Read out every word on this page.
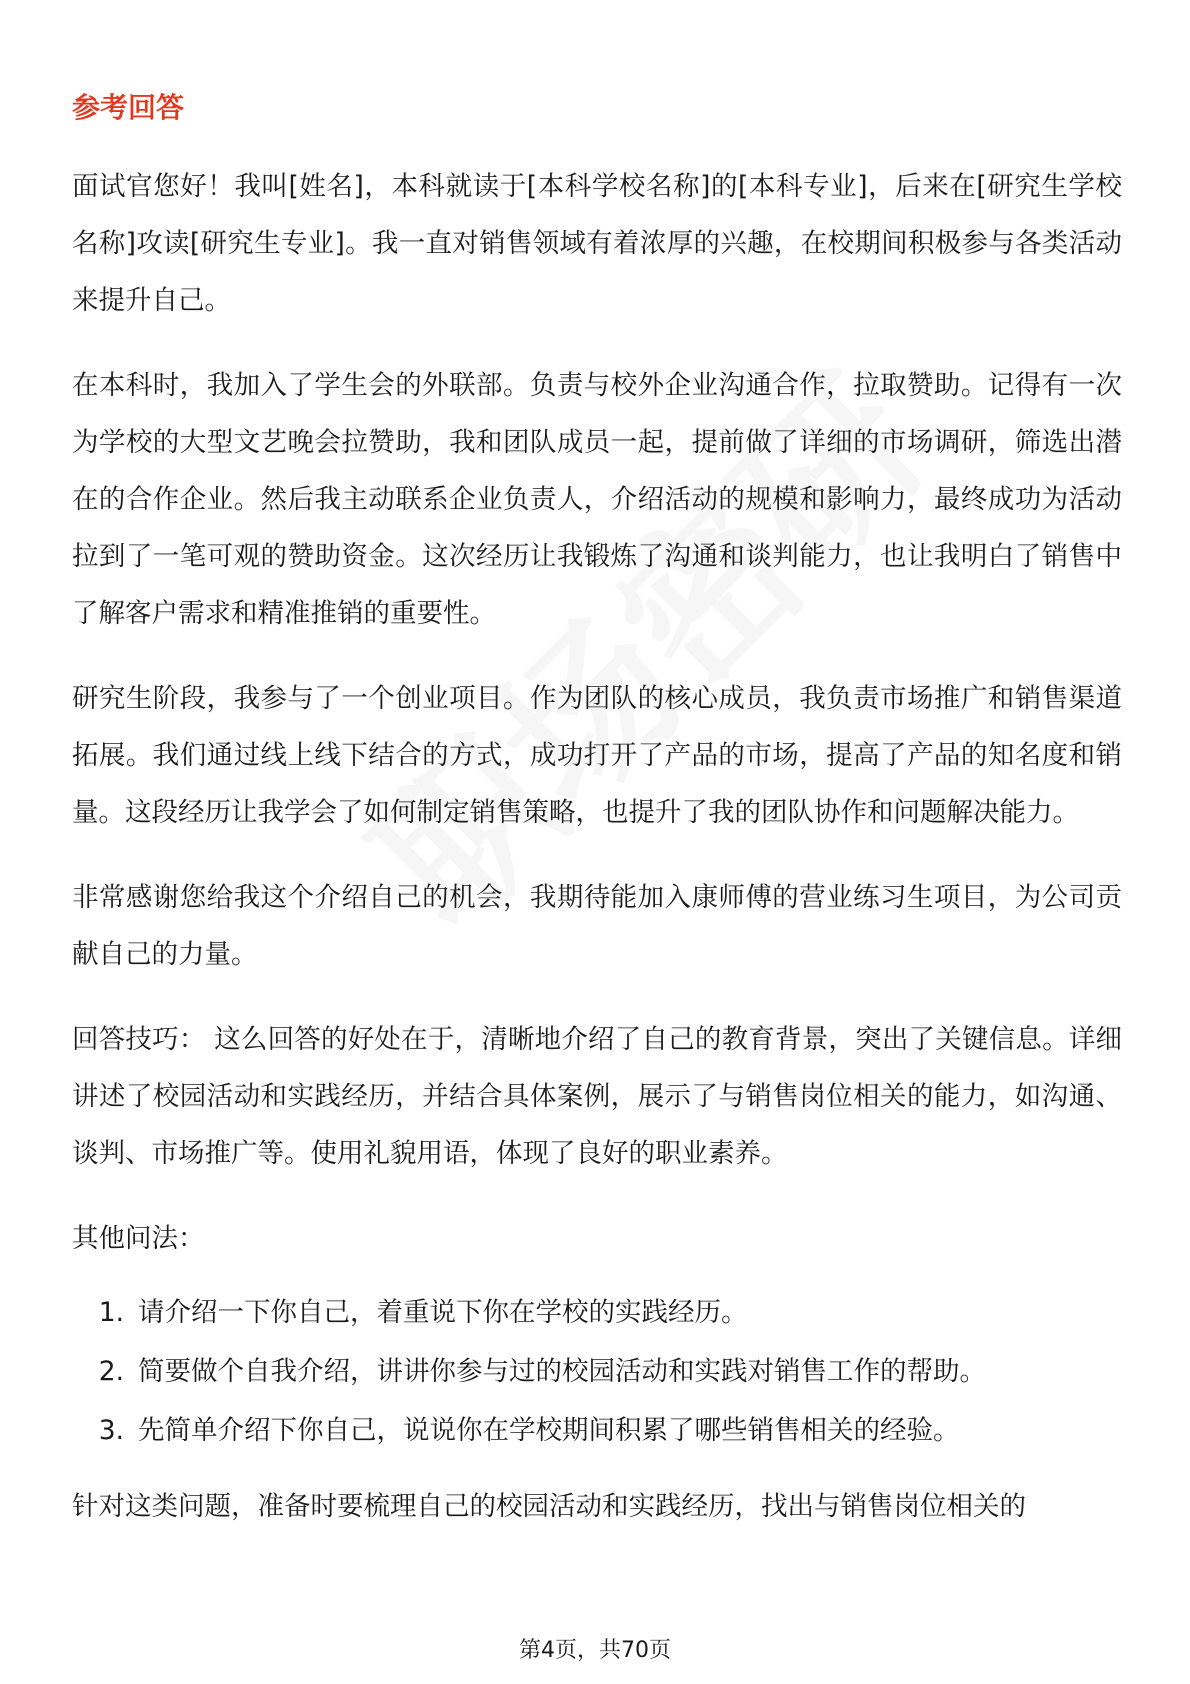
参考回答

面试官您好！我叫[姓名]，本科就读于[本科学校名称]的[本科专业]，后来在[研究生学校名称]攻读[研究生专业]。我一直对销售领域有着浓厚的兴趣，在校期间积极参与各类活动来提升自己。

在本科时，我加入了学生会的外联部。负责与校外企业沟通合作，拉取赞助。记得有一次为学校的大型文艺晚会拉赞助，我和团队成员一起，提前做了详细的市场调研，筛选出潜在的合作企业。然后我主动联系企业负责人，介绍活动的规模和影响力，最终成功为活动拉到了一笔可观的赞助资金。这次经历让我锻炼了沟通和谈判能力，也让我明白了销售中了解客户需求和精准推销的重要性。

研究生阶段，我参与了一个创业项目。作为团队的核心成员，我负责市场推广和销售渠道拓展。我们通过线上线下结合的方式，成功打开了产品的市场，提高了产品的知名度和销量。这段经历让我学会了如何制定销售策略，也提升了我的团队协作和问题解决能力。

非常感谢您给我这个介绍自己的机会，我期待能加入康师傅的营业练习生项目，为公司贡献自己的力量。

回答技巧： 这么回答的好处在于，清晰地介绍了自己的教育背景，突出了关键信息。详细讲述了校园活动和实践经历，并结合具体案例，展示了与销售岗位相关的能力，如沟通、谈判、市场推广等。使用礼貌用语，体现了良好的职业素养。

其他问法：

1. 请介绍一下你自己，着重说下你在学校的实践经历。
2. 简要做个自我介绍，讲讲你参与过的校园活动和实践对销售工作的帮助。
3. 先简单介绍下你自己，说说你在学校期间积累了哪些销售相关的经验。

针对这类问题，准备时要梳理自己的校园活动和实践经历，找出与销售岗位相关的

第4页，共70页
